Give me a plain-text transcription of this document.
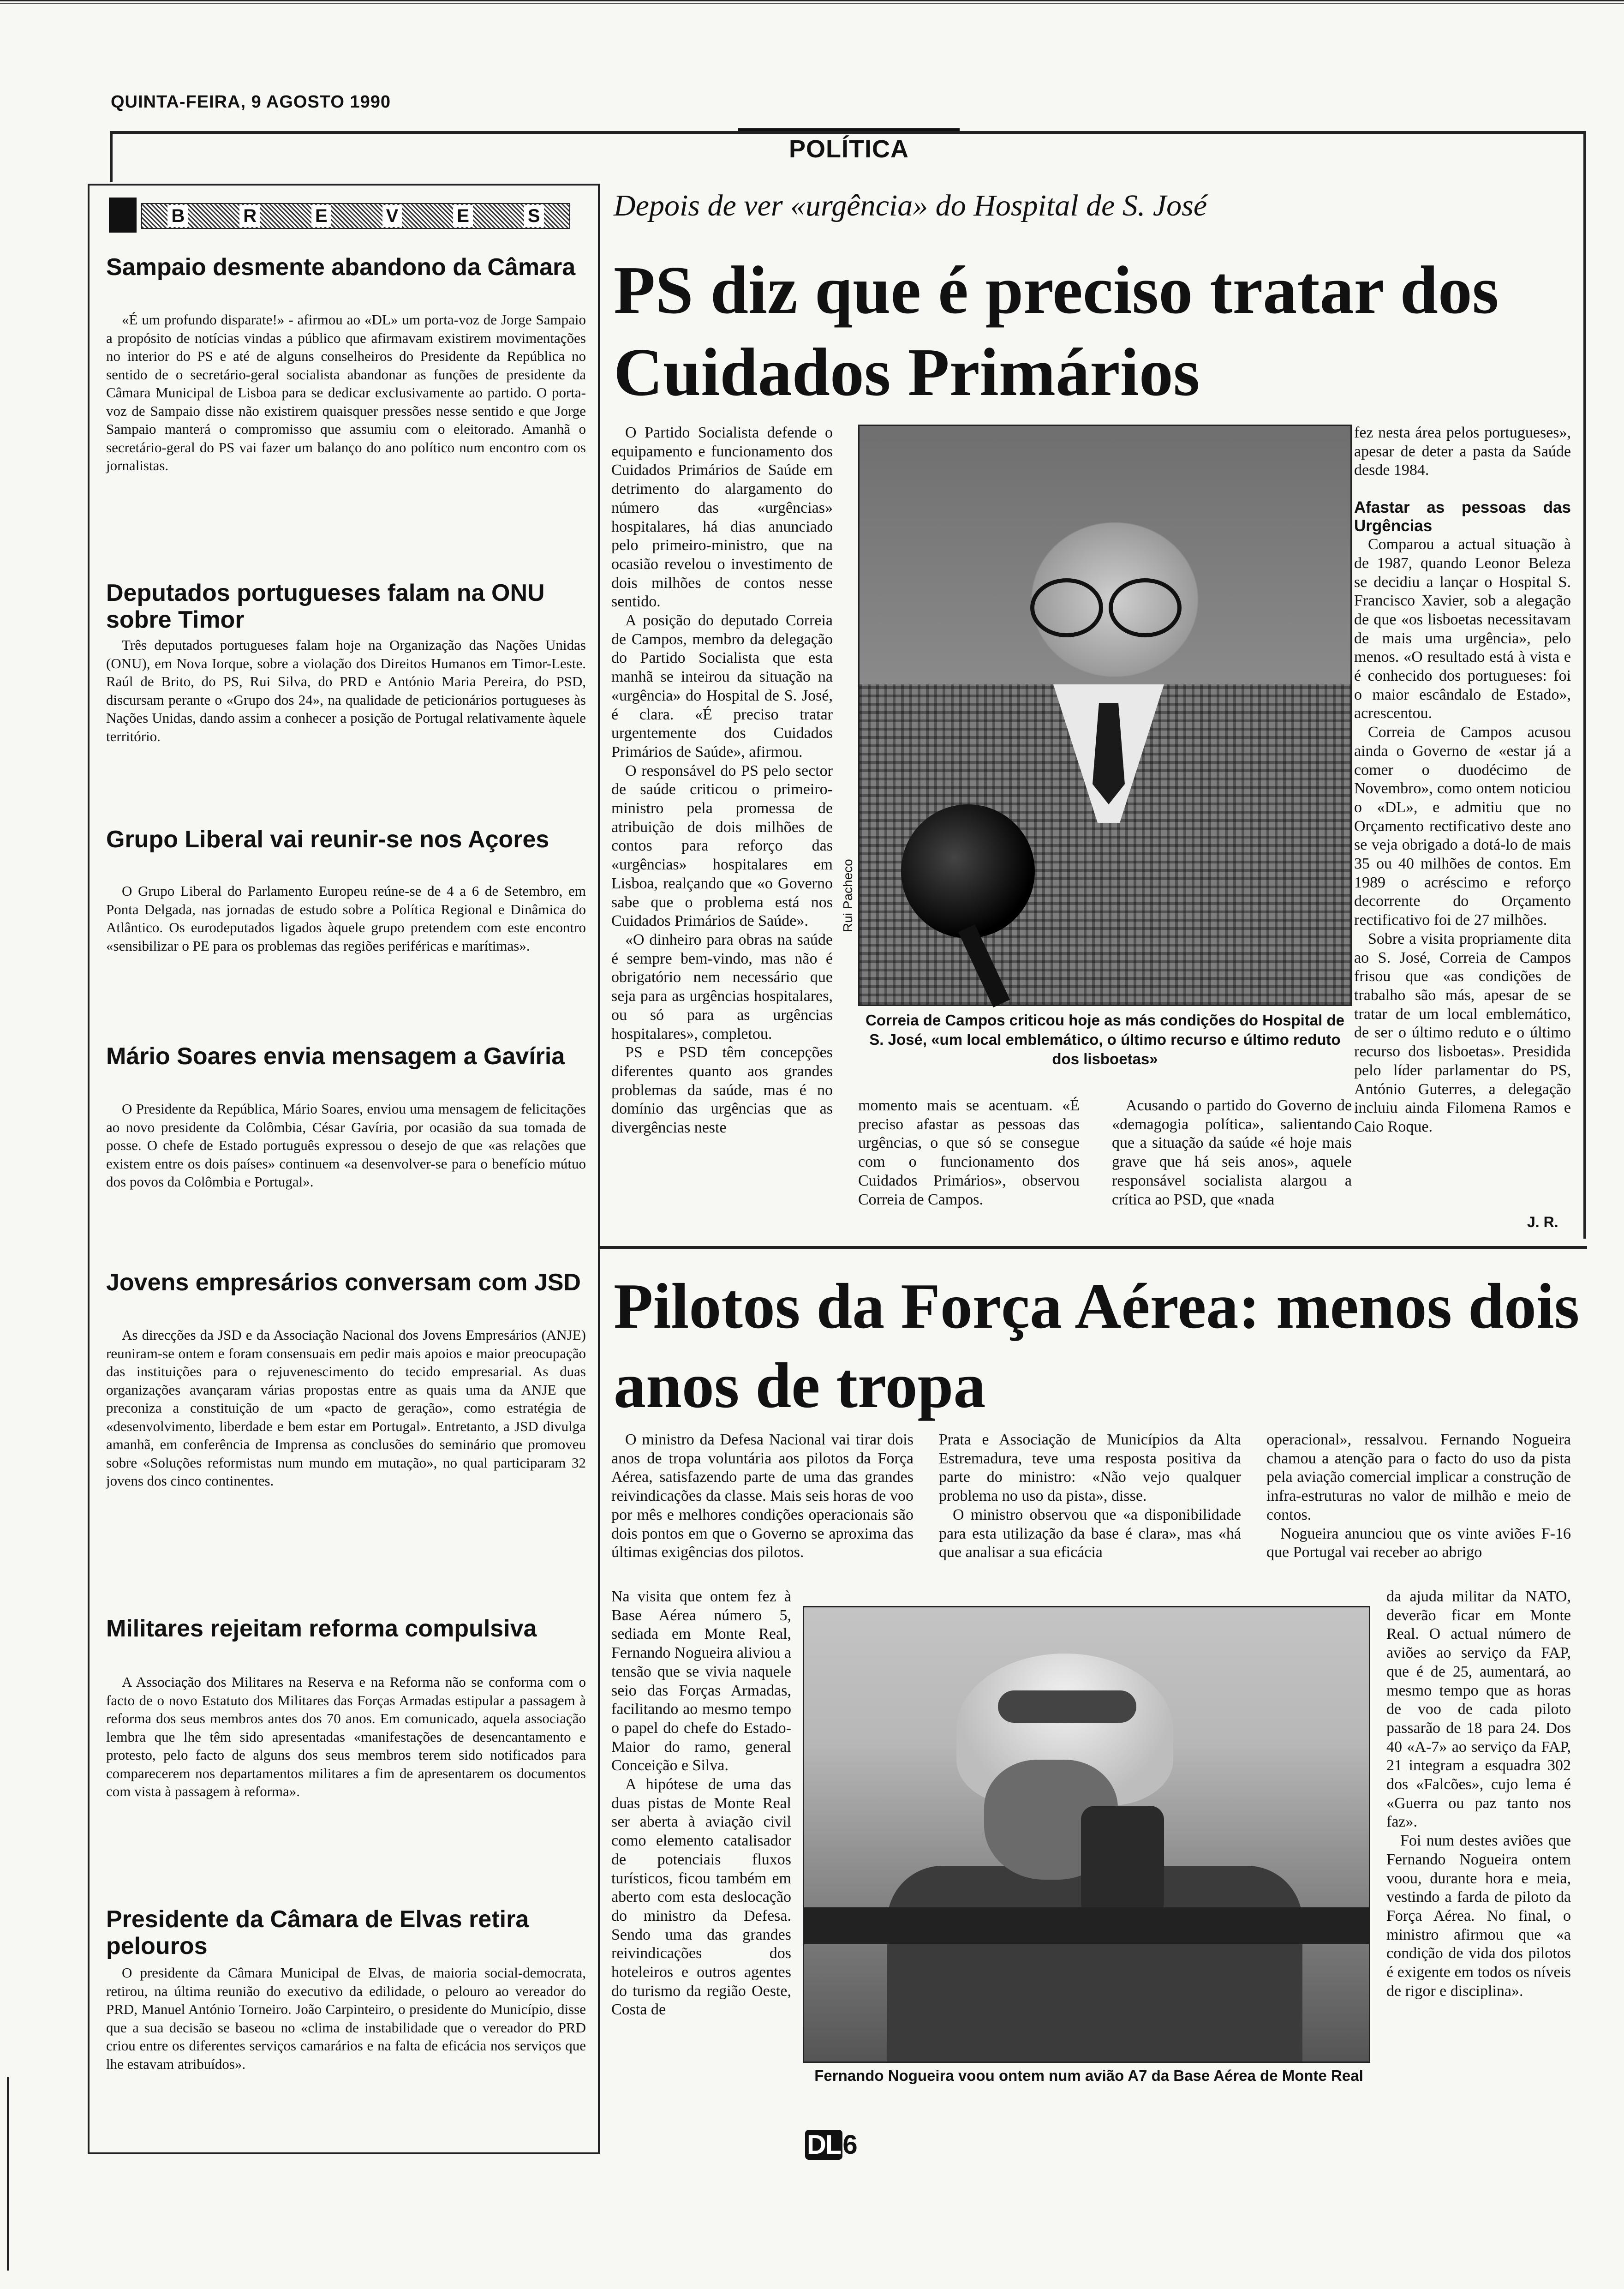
QUINTA-FEIRA, 9 AGOSTO 1990
POLÍTICA
B	R	E	V	E	S
Sampaio desmente abandono da Câmara
«É um profundo disparate!» - afirmou ao «DL» um porta-voz de Jorge Sampaio a propósito de notícias vindas a público que afirmavam existirem movimentações no interior do PS e até de alguns conselheiros do Presidente da República no sentido de o secretário-geral socialista abandonar as funções de presidente da Câmara Municipal de Lisboa para se dedicar exclusivamente ao partido. O porta-voz de Sampaio disse não existirem quaisquer pressões nesse sentido e que Jorge Sampaio manterá o compromisso que assumiu com o eleitorado. Amanhã o secretário-geral do PS vai fazer um balanço do ano político num encontro com os jornalistas.
Deputados portugueses falam na ONU sobre Timor
Três deputados portugueses falam hoje na Organização das Nações Unidas (ONU), em Nova Iorque, sobre a violação dos Direitos Humanos em Timor-Leste. Raúl de Brito, do PS, Rui Silva, do PRD e António Maria Pereira, do PSD, discursam perante o «Grupo dos 24», na qualidade de peticionários portugueses às Nações Unidas, dando assim a conhecer a posição de Portugal relativamente àquele território.
Grupo Liberal vai reunir-se nos Açores
O Grupo Liberal do Parlamento Europeu reúne-se de 4 a 6 de Setembro, em Ponta Delgada, nas jornadas de estudo sobre a Política Regional e Dinâmica do Atlântico. Os eurodeputados ligados àquele grupo pretendem com este encontro «sensibilizar o PE para os problemas das regiões periféricas e marítimas».
Mário Soares envia mensagem a Gavíria
O Presidente da República, Mário Soares, enviou uma mensagem de felicitações ao novo presidente da Colômbia, César Gavíria, por ocasião da sua tomada de posse. O chefe de Estado português expressou o desejo de que «as relações que existem entre os dois países» continuem «a desenvolver-se para o benefício mútuo dos povos da Colômbia e Portugal».
Jovens empresários conversam com JSD
As direcções da JSD e da Associação Nacional dos Jovens Empresários (ANJE) reuniram-se ontem e foram consensuais em pedir mais apoios e maior preocupação das instituições para o rejuvenescimento do tecido empresarial. As duas organizações avançaram várias propostas entre as quais uma da ANJE que preconiza a constituição de um «pacto de geração», como estratégia de «desenvolvimento, liberdade e bem estar em Portugal». Entretanto, a JSD divulga amanhã, em conferência de Imprensa as conclusões do seminário que promoveu sobre «Soluções reformistas num mundo em mutação», no qual participaram 32 jovens dos cinco continentes.
Militares rejeitam reforma compulsiva
A Associação dos Militares na Reserva e na Reforma não se conforma com o facto de o novo Estatuto dos Militares das Forças Armadas estipular a passagem à reforma dos seus membros antes dos 70 anos. Em comunicado, aquela associação lembra que lhe têm sido apresentadas «manifestações de desencantamento e protesto, pelo facto de alguns dos seus membros terem sido notificados para comparecerem nos departamentos militares a fim de apresentarem os documentos com vista à passagem à reforma».
Presidente da Câmara de Elvas retira pelouros
O presidente da Câmara Municipal de Elvas, de maioria social-democrata, retirou, na última reunião do executivo da edilidade, o pelouro ao vereador do PRD, Manuel António Torneiro. João Carpinteiro, o presidente do Município, disse que a sua decisão se baseou no «clima de instabilidade que o vereador do PRD criou entre os diferentes serviços camarários e na falta de eficácia nos serviços que lhe estavam atribuídos».
Depois de ver «urgência» do Hospital de S. José
PS diz que é preciso tratar dos Cuidados Primários
O Partido Socialista defende o equipamento e funcionamento dos Cuidados Primários de Saúde em detrimento do alargamento do número das «urgências» hospitalares, há dias anunciado pelo primeiro-ministro, que na ocasião revelou o investimento de dois milhões de contos nesse sentido.
A posição do deputado Correia de Campos, membro da delegação do Partido Socialista que esta manhã se inteirou da situação na «urgência» do Hospital de S. José, é clara. «É preciso tratar urgentemente dos Cuidados Primários de Saúde», afirmou.
O responsável do PS pelo sector de saúde criticou o primeiro-ministro pela promessa de atribuição de dois milhões de contos para reforço das «urgências» hospitalares em Lisboa, realçando que «o Governo sabe que o problema está nos Cuidados Primários de Saúde».
«O dinheiro para obras na saúde é sempre bem-vindo, mas não é obrigatório nem necessário que seja para as urgências hospitalares, ou só para as urgências hospitalares», completou.
PS e PSD têm concepções diferentes quanto aos grandes problemas da saúde, mas é no domínio das urgências que as divergências neste
Rui Pacheco
Correia de Campos criticou hoje as más condições do Hospital de S. José, «um local emblemático, o último recurso e último reduto dos lisboetas»
momento mais se acentuam. «É preciso afastar as pessoas das urgências, o que só se consegue com o funcionamento dos Cuidados Primários», observou Correia de Campos.
Acusando o partido do Governo de «demagogia política», salientando que a situação da saúde «é hoje mais grave que há seis anos», aquele responsável socialista alargou a crítica ao PSD, que «nada
fez nesta área pelos portugueses», apesar de deter a pasta da Saúde desde 1984.
Afastar as pessoas das Urgências
Comparou a actual situação à de 1987, quando Leonor Beleza se decidiu a lançar o Hospital S. Francisco Xavier, sob a alegação de que «os lisboetas necessitavam de mais uma urgência», pelo menos. «O resultado está à vista e é conhecido dos portugueses: foi o maior escândalo de Estado», acrescentou.
Correia de Campos acusou ainda o Governo de «estar já a comer o duodécimo de Novembro», como ontem noticiou o «DL», e admitiu que no Orçamento rectificativo deste ano se veja obrigado a dotá-lo de mais 35 ou 40 milhões de contos. Em 1989 o acréscimo e reforço decorrente do Orçamento rectificativo foi de 27 milhões.
Sobre a visita propriamente dita ao S. José, Correia de Campos frisou que «as condições de trabalho são más, apesar de se tratar de um local emblemático, de ser o último reduto e o último recurso dos lisboetas». Presidida pelo líder parlamentar do PS, António Guterres, a delegação incluiu ainda Filomena Ramos e Caio Roque.
J. R.
Pilotos da Força Aérea: menos dois anos de tropa
O ministro da Defesa Nacional vai tirar dois anos de tropa voluntária aos pilotos da Força Aérea, satisfazendo parte de uma das grandes reivindicações da classe. Mais seis horas de voo por mês e melhores condições operacionais são dois pontos em que o Governo se aproxima das últimas exigências dos pilotos.
Na visita que ontem fez à Base Aérea número 5, sediada em Monte Real, Fernando Nogueira aliviou a tensão que se vivia naquele seio das Forças Armadas, facilitando ao mesmo tempo o papel do chefe do Estado-Maior do ramo, general Conceição e Silva.
A hipótese de uma das duas pistas de Monte Real ser aberta à aviação civil como elemento catalisador de potenciais fluxos turísticos, ficou também em aberto com esta deslocação do ministro da Defesa. Sendo uma das grandes reivindicações dos hoteleiros e outros agentes do turismo da região Oeste, Costa de
Prata e Associação de Municípios da Alta Estremadura, teve uma resposta positiva da parte do ministro: «Não vejo qualquer problema no uso da pista», disse.
O ministro observou que «a disponibilidade para esta utilização da base é clara», mas «há que analisar a sua eficácia
operacional», ressalvou. Fernando Nogueira chamou a atenção para o facto do uso da pista pela aviação comercial implicar a construção de infra-estruturas no valor de milhão e meio de contos.
Nogueira anunciou que os vinte aviões F-16 que Portugal vai receber ao abrigo
da ajuda militar da NATO, deverão ficar em Monte Real. O actual número de aviões ao serviço da FAP, que é de 25, aumentará, ao mesmo tempo que as horas de voo de cada piloto passarão de 18 para 24. Dos 40 «A-7» ao serviço da FAP, 21 integram a esquadra 302 dos «Falcões», cujo lema é «Guerra ou paz tanto nos faz».
Foi num destes aviões que Fernando Nogueira ontem voou, durante hora e meia, vestindo a farda de piloto da Força Aérea. No final, o ministro afirmou que «a condição de vida dos pilotos é exigente em todos os níveis de rigor e disciplina».
Fernando Nogueira voou ontem num avião A7 da Base Aérea de Monte Real
DL6
